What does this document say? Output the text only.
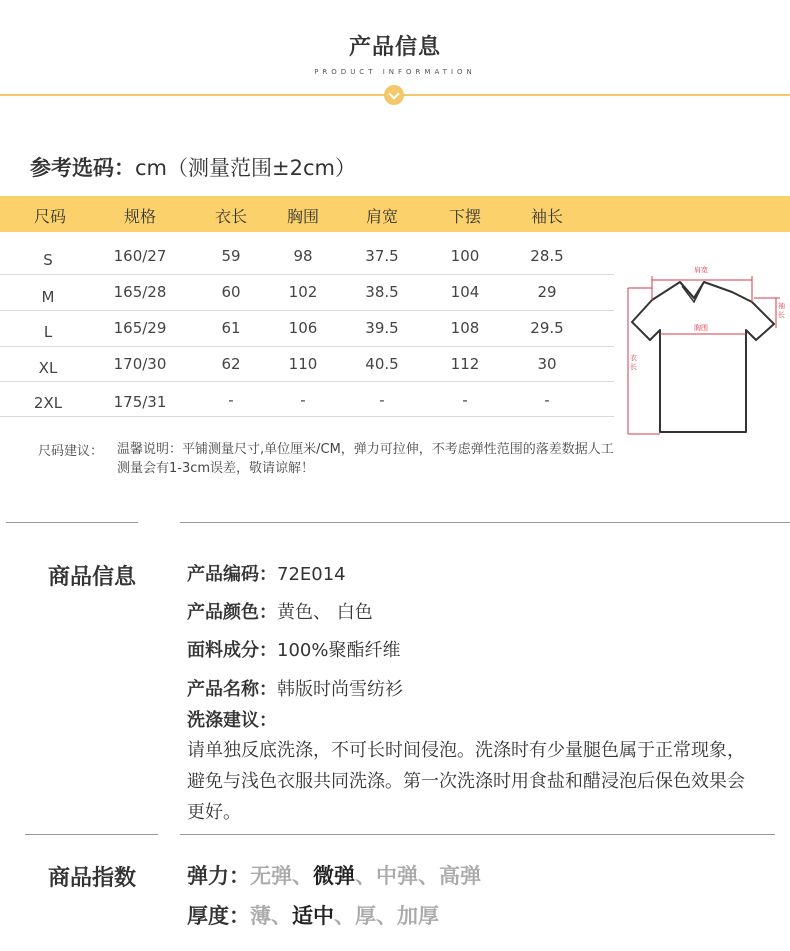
产品信息
PRODUCT INFORMATION
参考选码：cm（测量范围±2cm）
尺码	规格	衣长	胸围	肩宽	下摆	袖长
S	160/27	59	98	37.5	100	28.5
M	165/28	60	102	38.5	104	29
L	165/29	61	106	39.5	108	29.5
XL	170/30	62	110	40.5	112	30
2XL	175/31	-	-	-	-	-
肩宽
袖长
胸围
衣长
尺码建议： 温馨说明：平铺测量尺寸,单位厘米/CM，弹力可拉伸，不考虑弹性范围的落差数据人工测量会有1-3cm误差，敬请谅解！
商品信息	产品编码：72E014
产品颜色：黄色、 白色
面料成分：100%聚酯纤维
产品名称：韩版时尚雪纺衫
洗涤建议：
请单独反底洗涤，不可长时间侵泡。洗涤时有少量腿色属于正常现象，避免与浅色衣服共同洗涤。第一次洗涤时用食盐和醋浸泡后保色效果会更好。
商品指数 弹力：无弹、微弹、中弹、高弹
厚度：薄、适中、厚、加厚
